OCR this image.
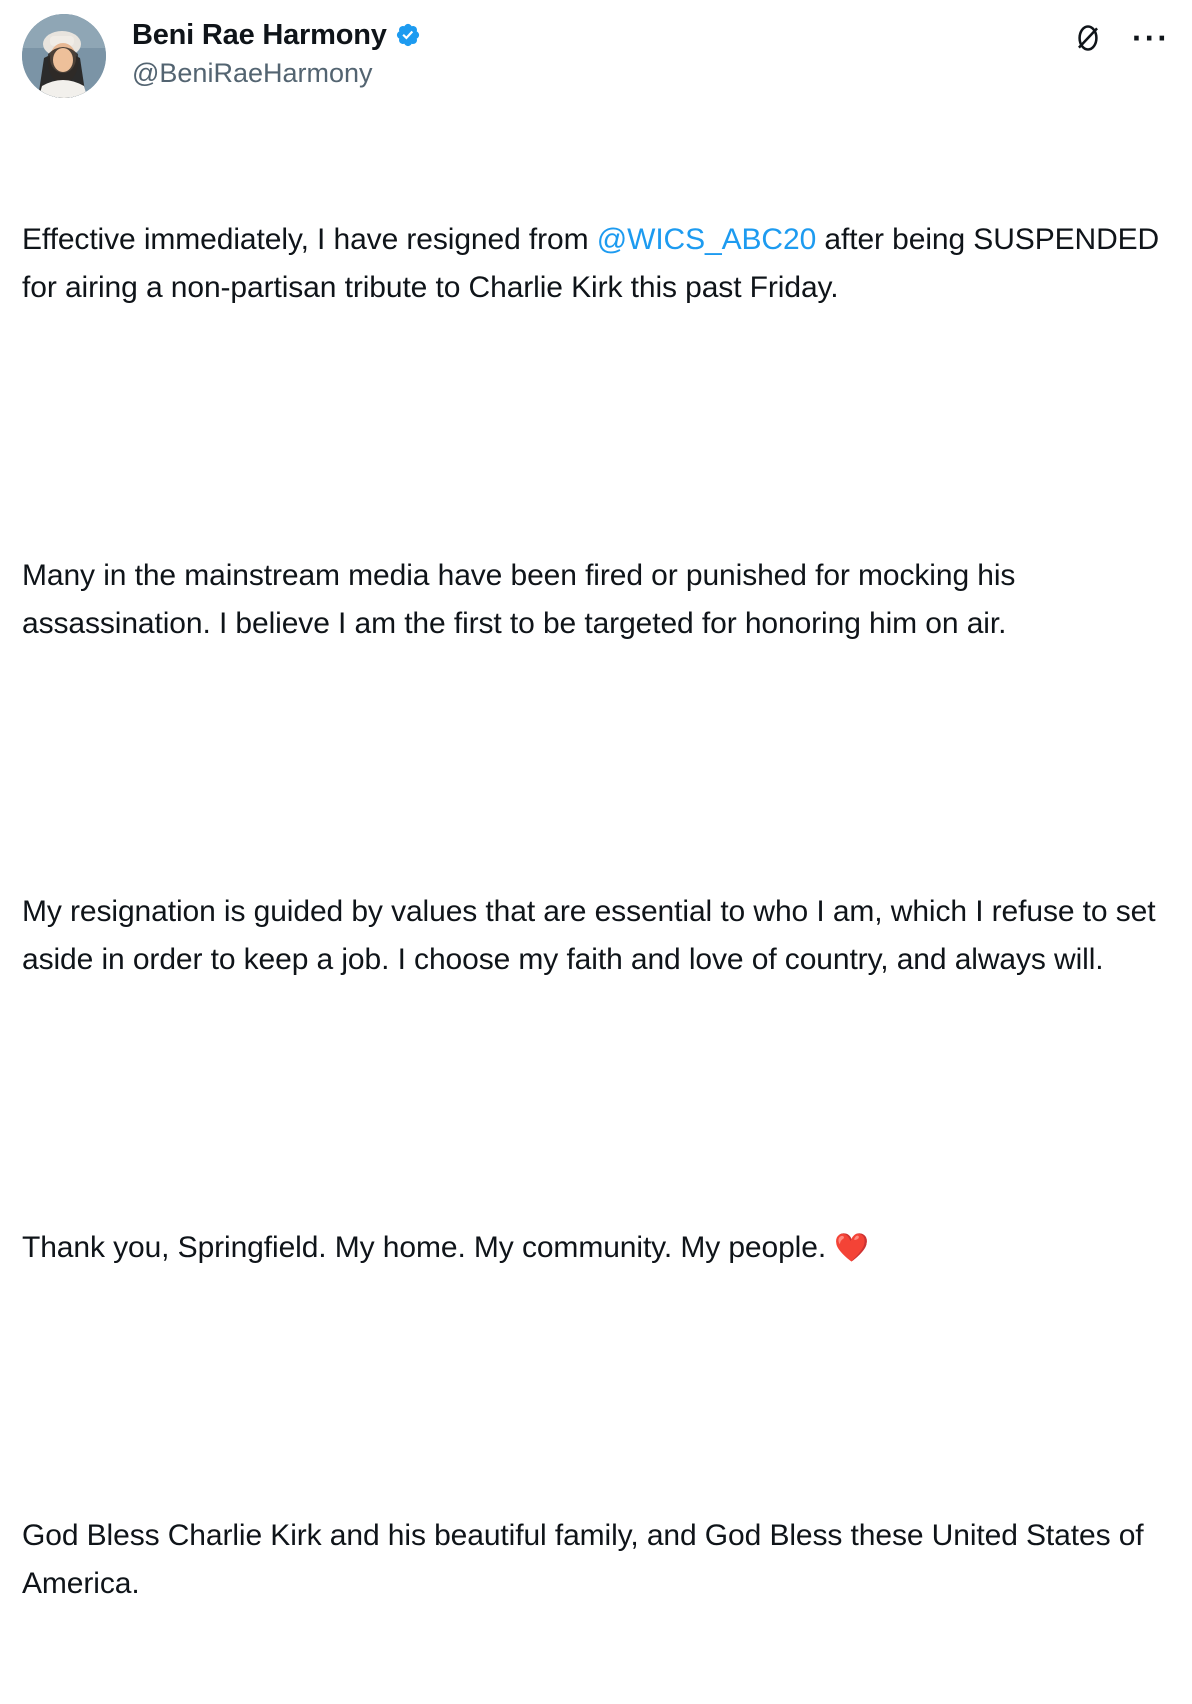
Beni Rae Harmony
@BeniRaeHarmony
···

Effective immediately, I have resigned from @WICS_ABC20 after being SUSPENDED for airing a non-partisan tribute to Charlie Kirk this past Friday.

Many in the mainstream media have been fired or punished for mocking his assassination. I believe I am the first to be targeted for honoring him on air.

My resignation is guided by values that are essential to who I am, which I refuse to set aside in order to keep a job. I choose my faith and love of country, and always will.

Thank you, Springfield. My home. My community. My people. ❤️

God Bless Charlie Kirk and his beautiful family, and God Bless these United States of America.
